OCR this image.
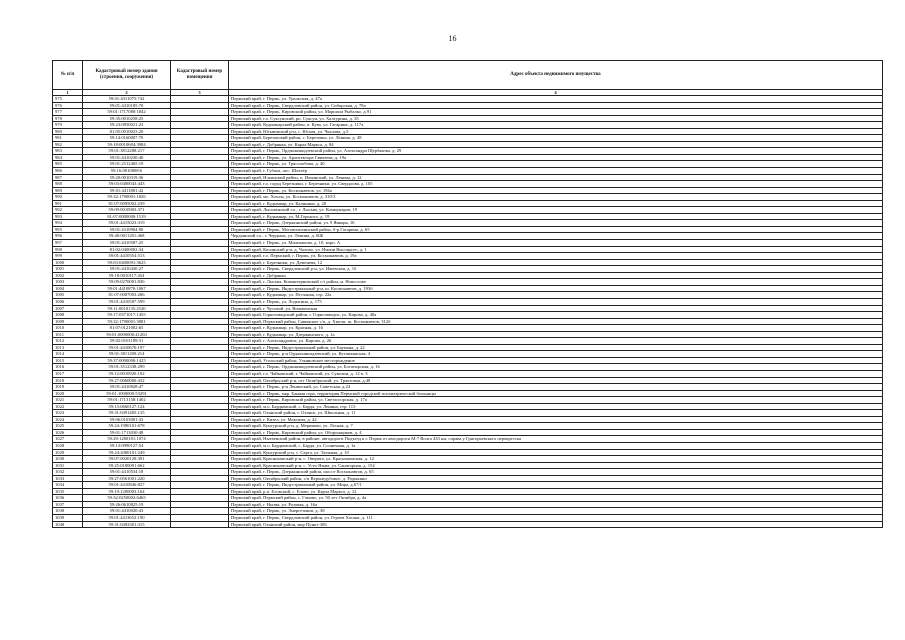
16
№ п/п	Кадастровый номер здания (строения, сооружения)	Кадастровый номер помещения	Адрес объекта недвижимого имущества
1	2	3	4
975	59:01:4311075:742		Пермский край, г. Пермь, ул. Уральская, д. 47а
976	59:01:4410185:70		Пермский край, г. Пермь, Свердловский район, ул. Сибирская, д. 78а
977	59:01:1717080:1842		Пермский край, г. Пермь, Кировский район, ул. Маршала Рыбалко, д.91
978	59:35:0010258:25		Пермский край, г.о. Суксунский, рп. Суксун, ул. Халтурина, д. 35
979	59:23:0850021:23		Пермский край, Кудымкарский район, п. Кува, ул. Гагарина, д. 117а
980	81:05:0010023:20		Пермский край, Юсьвинский р-н, с. Юсьва, ул. Чкалова, д.5
981	59:14:0160007:70		Пермский край, Березовский район, с. Березовка, ул. Ленина, д. 48
982	59:18:0010604:3984		Пермский край, г. Добрянка, ул. Карла Маркса, д. 84
983	59:01:3812288:217		Пермский край, г. Пермь, Орджоникидзевский район, ул. Александра Щербакова, д. 29
984	59:01:4410230:40		Пермский край, г. Пермь, ул. Архитектора Свиязева, д. 19а
985	59:01:2512465:19		Пермский край, г. Пермь, ул. Трясолобова, д. 40
986	59:16:0010008:6		Пермский край, г. Губаха, пос. Шахтёр
987	59:20:0010319:36		Пермский край, Ильинский район, п. Ильинский, ул. Ленина, д. 12
988	59:03:0400043:443		Пермский край, г.о. город Березники, г. Березники, ул. Свердлова, д. 105
989	59:01:4411881:42		Пермский край, г. Пермь, ул. Космонавтов, ул. 194а
990	59:32:1790001:1826		Пермский край, мо. Хохлы, ул. Космонавтов, д. 310/3
991	81:07:0095002:239		Пермский край, г. Кудымкар, ул. Калинина, д. 20
992	59:09:0010903:371		Пермский край, Лысьвенский г.о., г. Лысьва, ул. Коммунаров, 19
993	81:07:0000000:1519		Пермский край, г. Кудымкар, ул. М.Горького, д. 19
994	59:01:4415023:319		Пермский край, г. Пермь, Дзержинский район, ул. 9 Января, 16
995	59:01:4310904:90		Пермский край, г. Пермь, Мотовилихинский район, б-р Гагарина, д. 65
996	59:40:0011201:468		Чердынский г.о., г. Чердынь, ул. Ленина, д. 60Б
997	59:01:4410587:25		Пермский край, г. Пермь, ул. Мильчакова, д. 10, корп. А
998	81:02:0400002:34		Пермский край, Косинский р-н, д. Чалово, ул. Имени Высоцкого, д. 1
999	59:01:4410354:513		Пермский край, г.о. Пермский, г. Пермь, ул. Космонавтов, д. 19а
1000	59:03:0400091:3625		Пермский край, г. Березники, ул. Деменева, 12
1001	59:01:4410430:27		Пермский край, г. Пермь, Свердловский р-н, ул. Ижевская, д. 1б
1002	59:18:0010117:454		Пермский край, г. Добрянка
1003	59:09:0270001:836		Пермский край, г. Лысьва, Коминтерновский с/з район, м. Новоселье
1004	59:01:4410870:1067		Пермский край, г. Пермь, Индустриальный р-н, ш. Космонавтов, д. 193б
1005	81:07:0087003:266		Пермский край, г. Кудымкар, ул. Песчаная, стр. 22а
1006	59:01:4410587:599		Пермский край, г. Пермь, ул. Лодыгина, д. 175
1007	59:11:0010135:2520		Пермский край, г. Чусовой, ул. Вильвенская
1008	59:17:0371017:1455		Пермский край, Горнозаводский район, г. Горнозаводск, ул. Кирова, д. 40а
1009	59:32:1790001:3081		Пермский край, Пермский район, Савинское с/п, д. Хмели, ш. Космонавтов, 312б
1010	81:07:0121002:65		Пермский край, г. Кудымкар, ул. Красная, д. 16
1011	59:01:0000000:41263		Пермский край, г. Кудымкар, ул. Дзержинского, д. 1а
1012	59:02:0101189:31		Пермский край, г. Александровск, ул. Кирова, д. 26
1013	59:01:4410670:197		Пермский край, г. Пермь, Индустриальный район, ул. Баумана, д. 22
1014	59:01:3811200:214		Пермский край, г. Пермь, р-н Орджоникидзевский, ул. Кутамышская, 4
1015	59:37:0000000:1425		Пермский край, Усольский район, Ульяновское месторождение
1016	59:01:3512338:299		Пермский край, г. Пермь, Орджоникидзевский район, ул. Богатырская, д. 16
1017	59:12:0010920:192		Пермский край, г.о. Чайковский, г. Чайковский, ул. Суколин, д. 12 в. 3
1018	59:27:0060000:432		Пермский край, Октябрьский р-н, пгт Октябрьский, ул. Трактовая, д.48
1019	59:01:4410828:47		Пермский край, г. Пермь, р-н Ленинский, ул. Советская, д.24
1020	59:01:1000000:53291		Пермский край, г. Пермь, мкр. Банная гора, территория Пермской городской психиатрической больницы
1021	59:01:1713158:1402		Пермский край, г. Пермь, Кировский район, ул. Светлогорская, д. 17а
1022	59:13:0660127:124		Пермский край, м.о. Бардымский, с. Барда, ул. Ленина, стр. 115
1023	59:31:0491405:135		Пермский край, Оханский район, г. Оханск, ул. Школьная, д. 11
1024	59:06:0103001:33		Пермский край, г. Кизел, ул. Максима, д. 42
1025	59:24:1980101:678		Пермский край, Кунгурский р-н, д. Мериново, ул. Лесная, д. 7
1026	59:01:1713030:48		Пермский край, г. Пермь, Кировский район, ул. Оборонщиков, д. 4
1027	59:29:1280101:1074		Пермский край, Нытвенский район, в районе: автодороги Подъезд к г. Пермь от автодороги М-7 Волга 433 км, справа у Григорьевского перекрестка
1028	59:13:0990127:54		Пермский край, м.о. Бардымский, с. Барда, ул. Солнечная, д. 1а
1029	59:24:2080101:249		Пермский край, Кунгурский р-н, с. Серга, ул. Таежная, д. 10
1030	59:07:0020129:391		Пермский край, Краснокамский р-н, с. Оверята, ул. Краснокамская, д. 12
1031	59:25:0180001:662		Пермский край, Краснокамский р-н, с. Усть-Язьва, ул. Санаторная, д. 154
1032	59:01:4410534:18		Пермский край, г. Пермь, Дзержинский район, шоссе Космонавтов, д. 65
1033	59:27:0561001:220		Пермский край, Октябрьский район, с/п Верхнедубовое, д. Родыкино
1034	59:01:4410846:827		Пермский край, г. Пермь, Индустриальный район, ул. Мира, д.67/1
1035	59:19:1200003:164		Пермский край, р.п. Еловский, с. Елово, ул. Карла Маркса, д. 12
1036	59:32:0250002:6465		Пермский край, Пермский район, с. Гамово, ул. 50 лет Октября, д. 4а
1037	59:26:0610825:19		Пермский край, г. Нытва, ул. Розовая, д. 16а
1038	59:01:4410020:43		Пермский край, г. Пермь, ул. Энергетиков, д. 38
1039	59:01:4413652:190		Пермский край, г. Пермь, Свердловский район, ул. Героев Хасана, д. 111
1040	59:31:0492301:315		Пермский край, Оханский район, мкр Пункт-306
